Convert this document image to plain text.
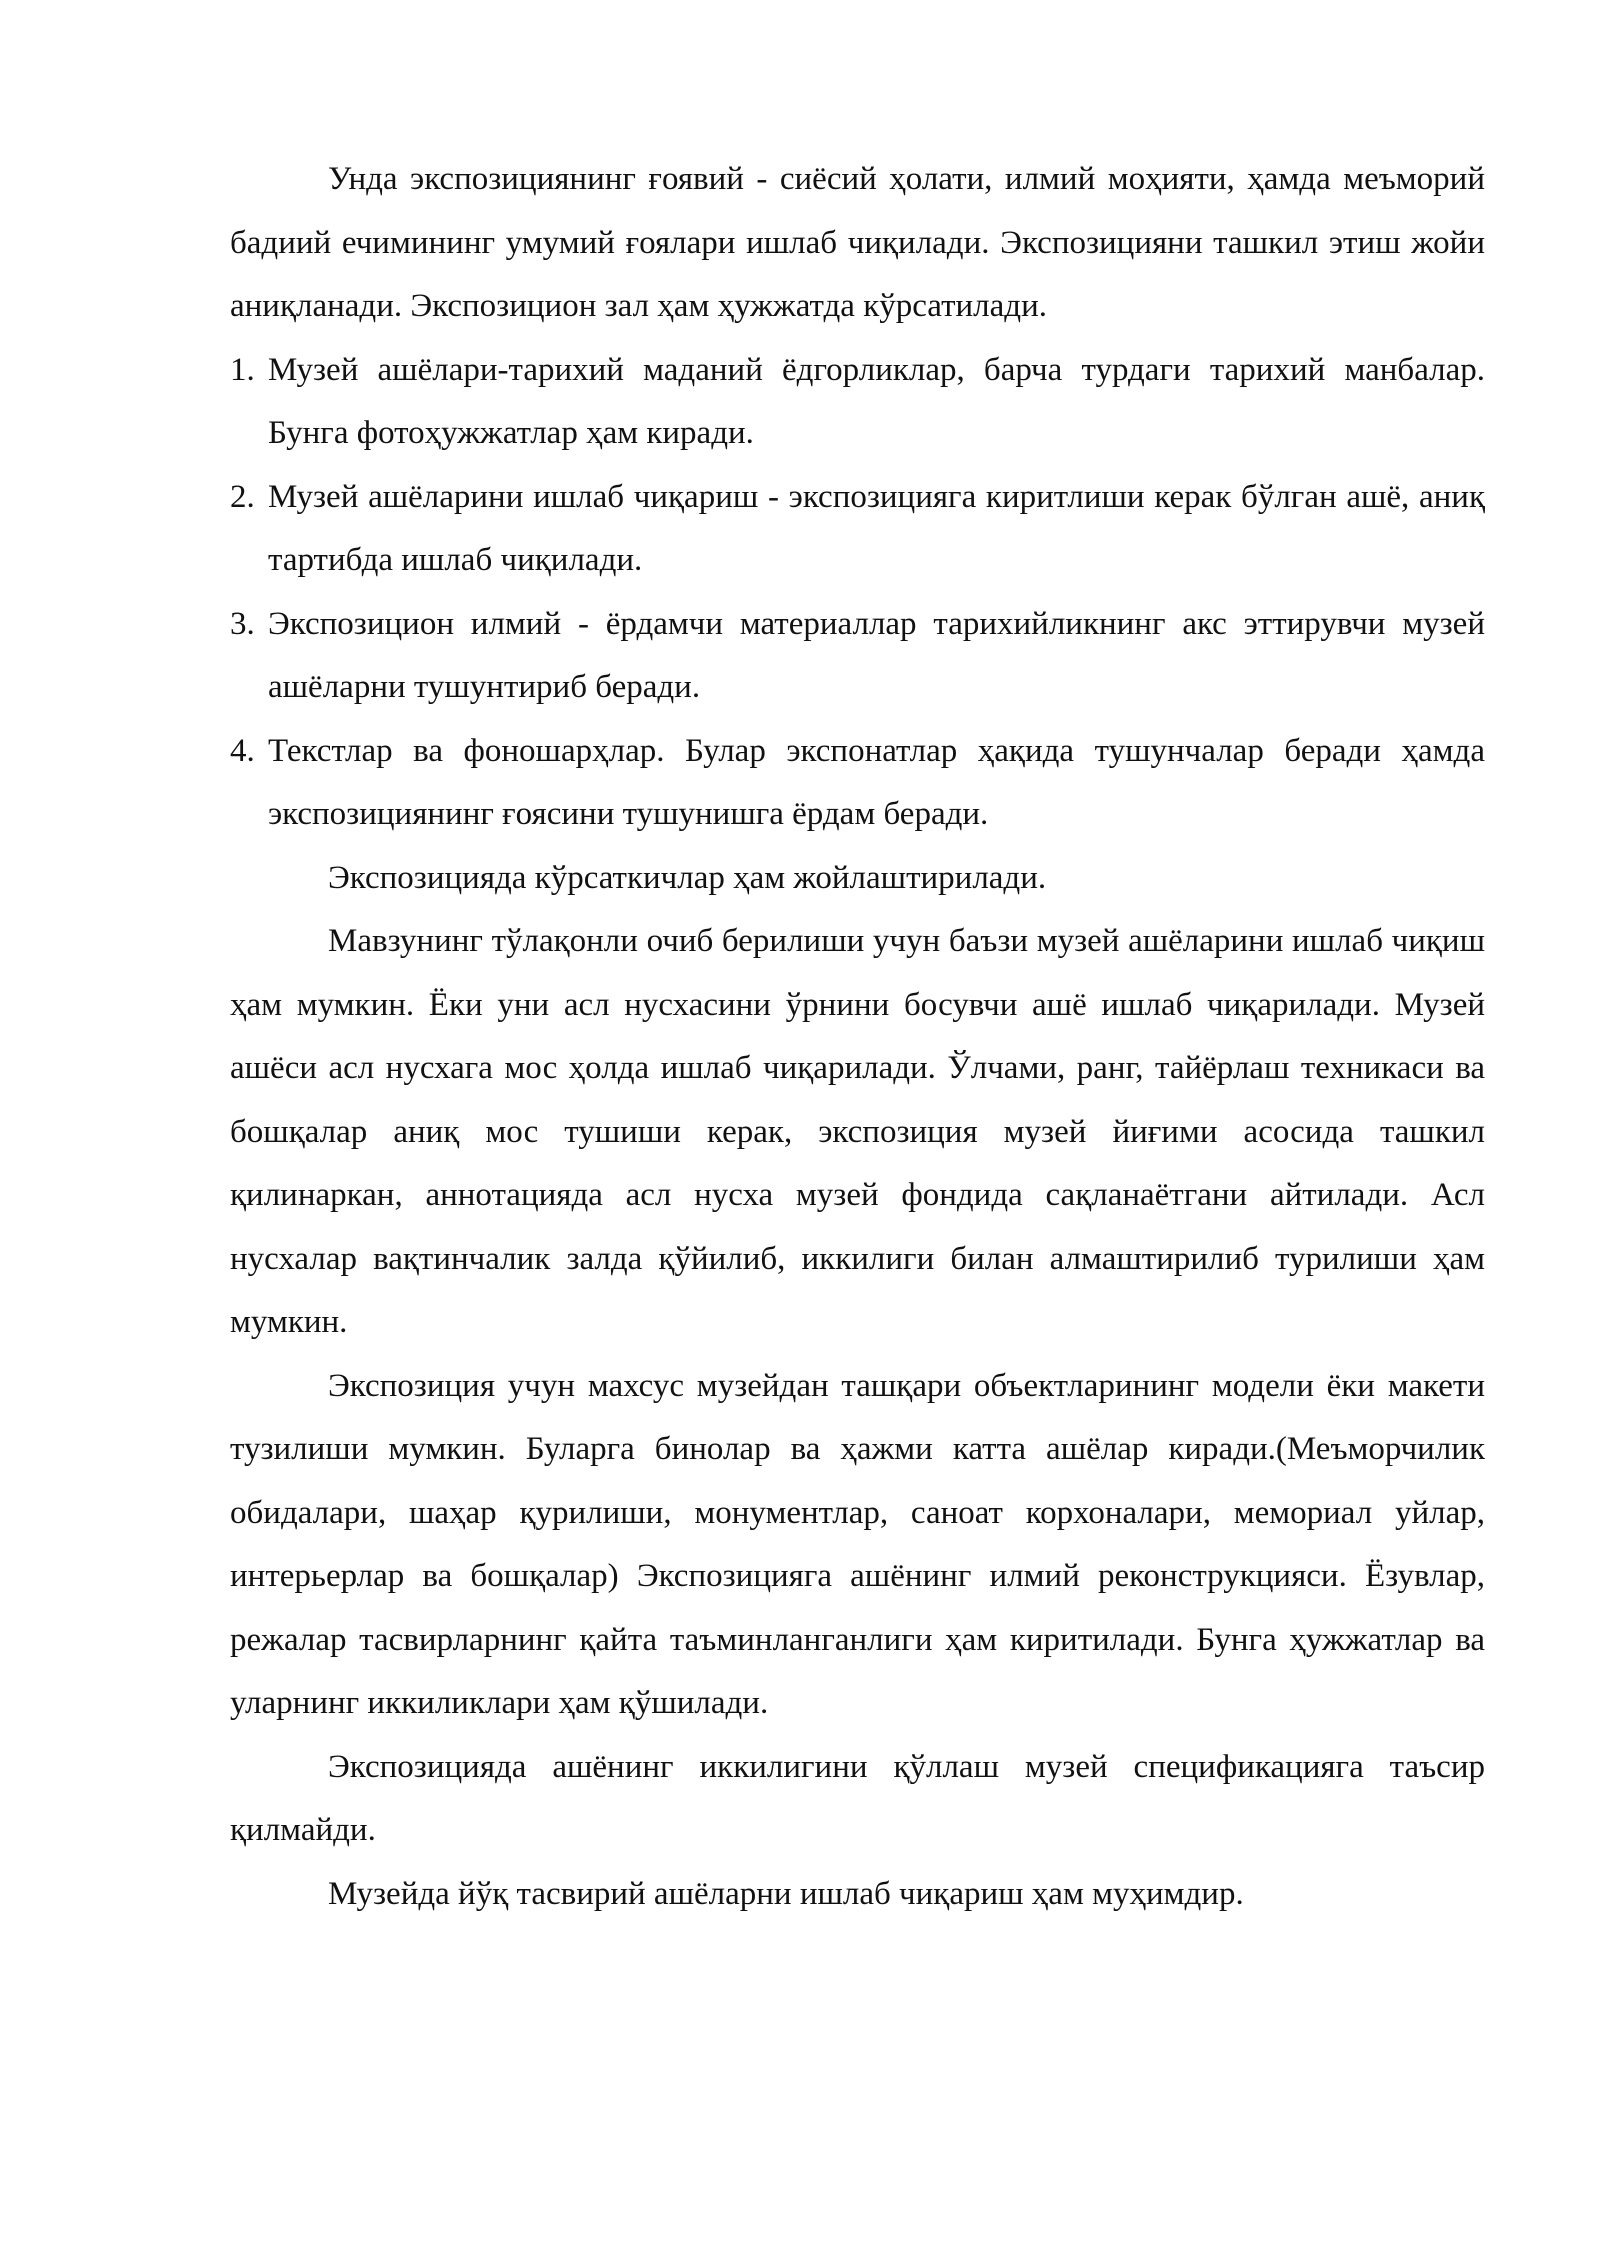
Унда экспозициянинг ғоявий - сиёсий ҳолати, илмий моҳияти, ҳамда меъморий бадиий ечимининг умумий ғоялари ишлаб чиқилади. Экспозицияни ташкил этиш жойи аниқланади. Экспозицион зал ҳам ҳужжатда кўрсатилади.

1. Музей ашёлари-тарихий маданий ёдгорликлар, барча турдаги тарихий манбалар. Бунга фотоҳужжатлар ҳам киради.
2. Музей ашёларини ишлаб чиқариш - экспозицияга киритлиши керак бўлган ашё, аниқ тартибда ишлаб чиқилади.
3. Экспозицион илмий - ёрдамчи материаллар тарихийликнинг акс эттирувчи музей ашёларни тушунтириб беради.
4. Текстлар ва фоношарҳлар. Булар экспонатлар ҳақида тушунчалар беради ҳамда экспозициянинг ғоясини тушунишга ёрдам беради.

Экспозицияда кўрсаткичлар ҳам жойлаштирилади.

Мавзунинг тўлақонли очиб берилиши учун баъзи музей ашёларини ишлаб чиқиш ҳам мумкин. Ёки уни асл нусхасини ўрнини босувчи ашё ишлаб чиқарилади. Музей ашёси асл нусхага мос ҳолда ишлаб чиқарилади. Ўлчами, ранг, тайёрлаш техникаси ва бошқалар аниқ мос тушиши керак, экспозиция музей йиғими асосида ташкил қилинаркан, аннотацияда асл нусха музей фондида сақланаётгани айтилади. Асл нусхалар вақтинчалик залда қўйилиб, иккилиги билан алмаштирилиб турилиши ҳам мумкин.

Экспозиция учун махсус музейдан ташқари объектларининг модели ёки макети тузилиши мумкин. Буларга бинолар ва ҳажми катта ашёлар киради.(Меъморчилик обидалари, шаҳар қурилиши, монументлар, саноат корхоналари, мемориал уйлар, интерьерлар ва бошқалар) Экспозицияга ашёнинг илмий реконструкцияси. Ёзувлар, режалар тасвирларнинг қайта таъминланганлиги ҳам киритилади. Бунга ҳужжатлар ва уларнинг иккиликлари ҳам қўшилади.

Экспозицияда ашёнинг иккилигини қўллаш музей спецификацияга таъсир қилмайди.

Музейда йўқ тасвирий ашёларни ишлаб чиқариш ҳам муҳимдир.
